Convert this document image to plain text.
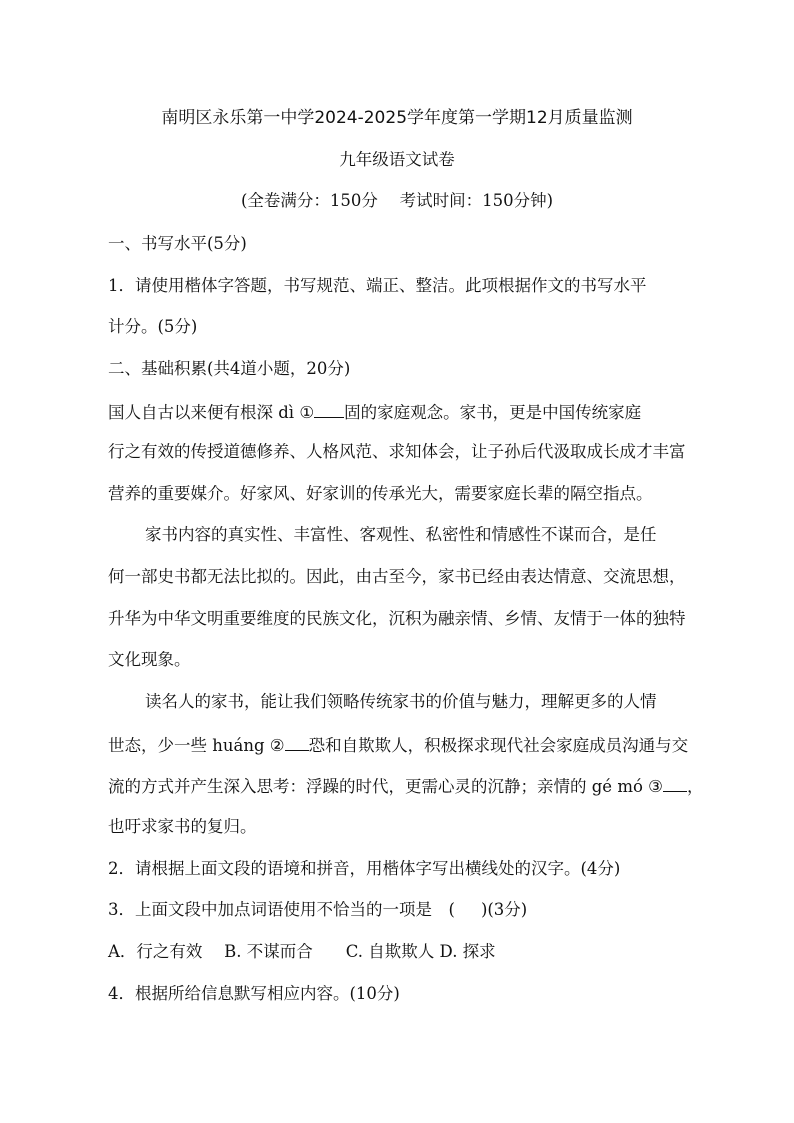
南明区永乐第一中学2024-2025学年度第一学期12月质量监测
九年级语文试卷
(全卷满分：150分　 考试时间：150分钟)
一、书写水平(5分)
1．请使用楷体字答题，书写规范、端正、整洁。此项根据作文的书写水平
计分。(5分)
二、基础积累(共4道小题，20分)
国人自古以来便有根深 dì ① 固的家庭观念。家书，更是中国传统家庭
行之有效的传授道德修养、人格风范、求知体会，让子孙后代汲取成长成才丰富
营养的重要媒介。好家风、好家训的传承光大，需要家庭长辈的隔空指点。
家书内容的真实性、丰富性、客观性、私密性和情感性不谋而合，是任
何一部史书都无法比拟的。因此，由古至今，家书已经由表达情意、交流思想，
升华为中华文明重要维度的民族文化，沉积为融亲情、乡情、友情于一体的独特
文化现象。
读名人的家书，能让我们领略传统家书的价值与魅力，理解更多的人情
世态，少一些 huáng ② 恐和自欺欺人，积极探求现代社会家庭成员沟通与交
流的方式并产生深入思考：浮躁的时代，更需心灵的沉静；亲情的 gé mó ③ ，
也吁求家书的复归。
2．请根据上面文段的语境和拼音，用楷体字写出横线处的汉字。(4分)
3．上面文段中加点词语使用不恰当的一项是　( )(3分)
A．行之有效　 B. 不谋而合　　C. 自欺欺人 D. 探求
4．根据所给信息默写相应内容。(10分)
